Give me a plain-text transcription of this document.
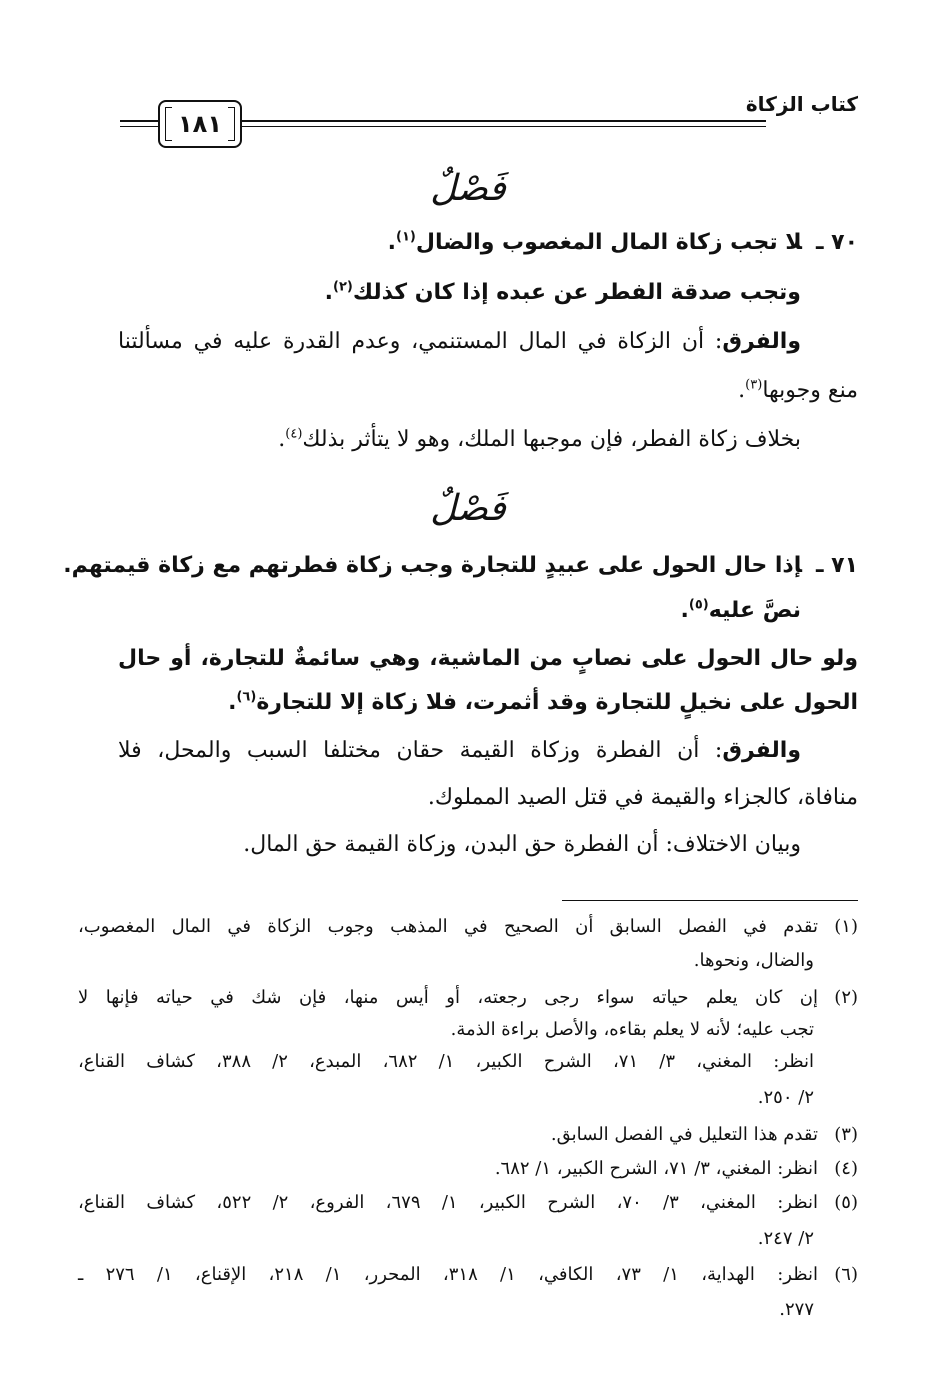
كتاب الزكاة
١٨١
فَصْلٌ
٧٠ ـلا تجب زكاة المال المغصوب والضال$^{(١)}$.
وتجب صدقة الفطر عن عبده إذا كان كذلك$^{(٢)}$.
والفرق: أن الزكاة في المال المستنمي، وعدم القدرة عليه في مسألتنا
منع وجوبها$^{(٣)}$.
بخلاف زكاة الفطر، فإن موجبها الملك، وهو لا يتأثر بذلك$^{(٤)}$.
فَصْلٌ
٧١ ـإذا حال الحول على عبيدٍ للتجارة وجب زكاة فطرتهم مع زكاة قيمتهم.
نصَّ عليه$^{(٥)}$.
ولو حال الحول على نصابٍ من الماشية، وهي سائمةٌ للتجارة، أو حال
الحول على نخيلٍ للتجارة وقد أثمرت، فلا زكاة إلا للتجارة$^{(٦)}$.
والفرق: أن الفطرة وزكاة القيمة حقان مختلفا السبب والمحل، فلا
منافاة، كالجزاء والقيمة في قتل الصيد المملوك.
وبيان الاختلاف: أن الفطرة حق البدن، وزكاة القيمة حق المال.
(١)تقدم في الفصل السابق أن الصحيح في المذهب وجوب الزكاة في المال المغصوب،
والضال، ونحوها.
(٢)إن كان يعلم حياته سواء رجى رجعته، أو أيس منها، فإن شك في حياته فإنها لا
تجب عليه؛ لأنه لا يعلم بقاءه، والأصل براءة الذمة.
انظر: المغني، ٣/ ٧١، الشرح الكبير، ١/ ٦٨٢، المبدع، ٢/ ٣٨٨، كشاف القناع،
٢/ ٢٥٠.
(٣)تقدم هذا التعليل في الفصل السابق.
(٤)انظر: المغني، ٣/ ٧١، الشرح الكبير، ١/ ٦٨٢.
(٥)انظر: المغني، ٣/ ٧٠، الشرح الكبير، ١/ ٦٧٩، الفروع، ٢/ ٥٢٢، كشاف القناع،
٢/ ٢٤٧.
(٦)انظر: الهداية، ١/ ٧٣، الكافي، ١/ ٣١٨، المحرر، ١/ ٢١٨، الإقناع، ١/ ٢٧٦ ـ
٢٧٧.
